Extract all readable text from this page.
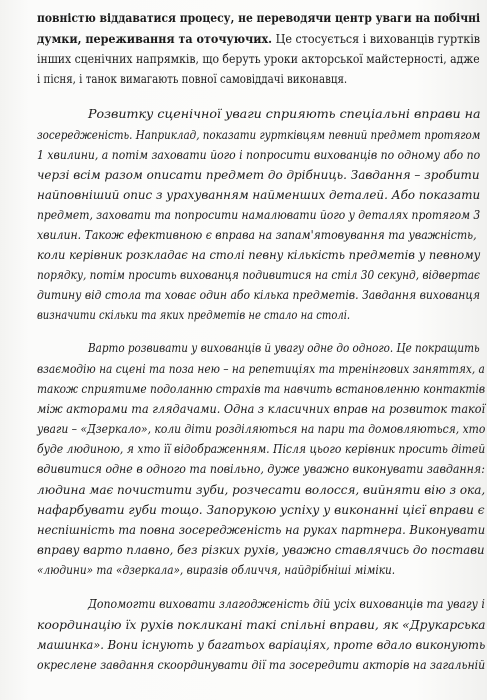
повністю віддаватися процесу, не переводячи центр уваги на побічні
думки, переживання та оточуючих. Це стосується і вихованців гуртків
інших сценічних напрямків, що беруть уроки акторської майстерності, адже
і пісня, і танок вимагають повної самовіддачі виконавця.
Розвитку сценічної уваги сприяють спеціальні вправи на
зосередженість. Наприклад, показати гуртківцям певний предмет протягом
1 хвилини, а потім заховати його і попросити вихованців по одному або по
черзі всім разом описати предмет до дрібниць. Завдання – зробити
найповніший опис з урахуванням найменших деталей. Або показати
предмет, заховати та попросити намалювати його у деталях протягом 3
хвилин. Також ефективною є вправа на запам'ятовування та уважність,
коли керівник розкладає на столі певну кількість предметів у певному
порядку, потім просить вихованця подивитися на стіл 30 секунд, відвертає
дитину від стола та ховає один або кілька предметів. Завдання вихованця
визначити скільки та яких предметів не стало на столі.
Варто розвивати у вихованців й увагу одне до одного. Це покращить
взаємодію на сцені та поза нею – на репетиціях та тренінгових заняттях, а
також сприятиме подоланню страхів та навчить встановленню контактів
між акторами та глядачами. Одна з класичних вправ на розвиток такої
уваги – «Дзеркало», коли діти розділяються на пари та домовляються, хто
буде людиною, я хто її відображенням. Після цього керівник просить дітей
вдивитися одне в одного та повільно, дуже уважно виконувати завдання:
людина має почистити зуби, розчесати волосся, вийняти вію з ока,
нафарбувати губи тощо. Запорукою успіху у виконанні цієї вправи є
неспішність та повна зосередженість на руках партнера. Виконувати
вправу варто плавно, без різких рухів, уважно ставлячись до постави
«людини» та «дзеркала», виразів обличчя, найдрібніші міміки.
Допомогти виховати злагодженість дій усіх вихованців та увагу і
координацію їх рухів покликані такі спільні вправи, як «Друкарська
машинка». Вони існують у багатьох варіаціях, проте вдало виконують
окреслене завдання скоординувати дії та зосередити акторів на загальній
